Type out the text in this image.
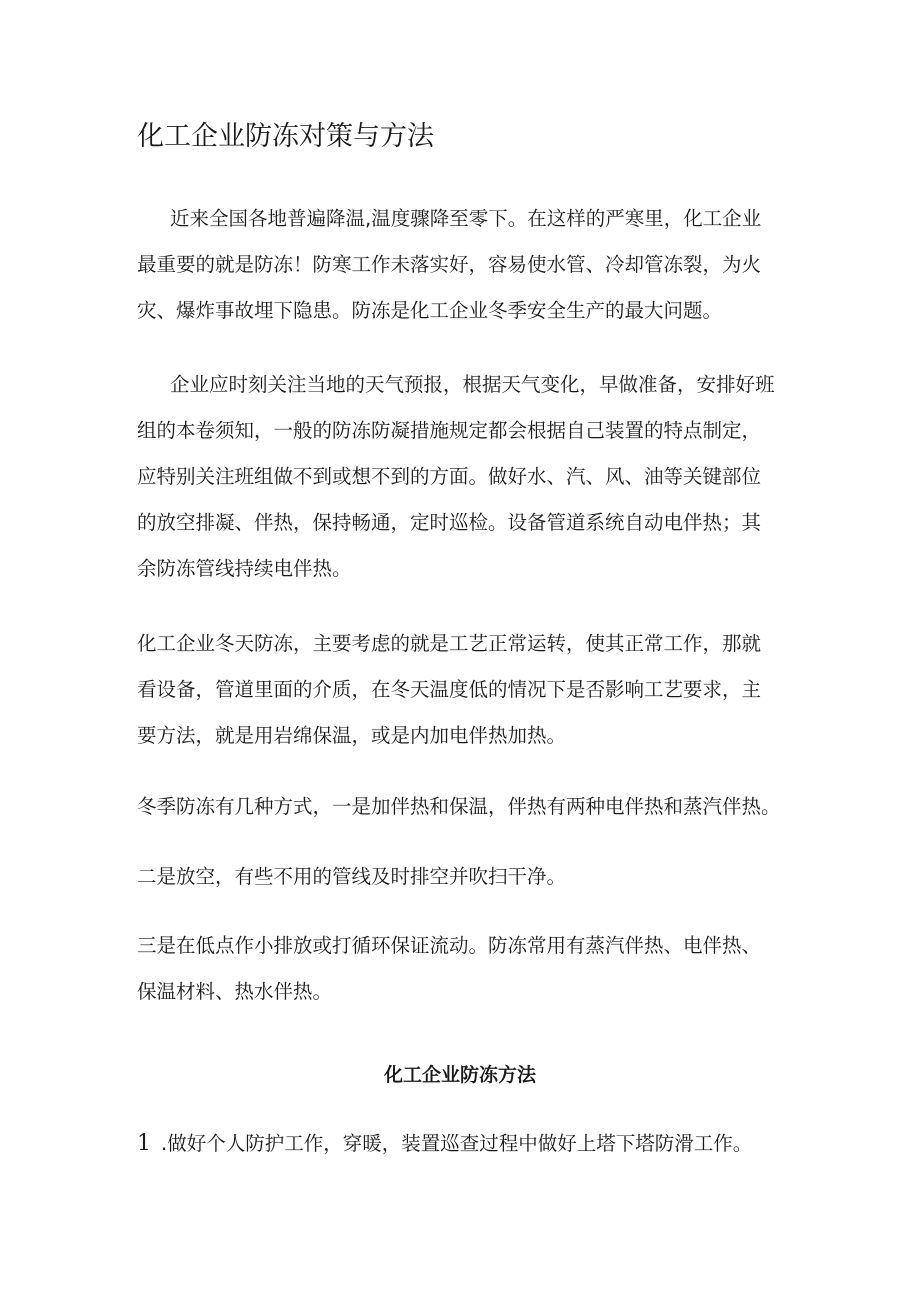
化工企业防冻对策与方法
近来全国各地普遍降温,温度骤降至零下。在这样的严寒里，化工企业
最重要的就是防冻！防寒工作未落实好，容易使水管、冷却管冻裂，为火
灾、爆炸事故埋下隐患。防冻是化工企业冬季安全生产的最大问题。
企业应时刻关注当地的天气预报，根据天气变化，早做准备，安排好班
组的本卷须知，一般的防冻防凝措施规定都会根据自己装置的特点制定，
应特别关注班组做不到或想不到的方面。做好水、汽、风、油等关键部位
的放空排凝、伴热，保持畅通，定时巡检。设备管道系统自动电伴热；其
余防冻管线持续电伴热。
化工企业冬天防冻，主要考虑的就是工艺正常运转，使其正常工作，那就
看设备，管道里面的介质，在冬天温度低的情况下是否影响工艺要求，主
要方法，就是用岩绵保温，或是内加电伴热加热。
冬季防冻有几种方式，一是加伴热和保温，伴热有两种电伴热和蒸汽伴热。
二是放空，有些不用的管线及时排空并吹扫干净。
三是在低点作小排放或打循环保证流动。防冻常用有蒸汽伴热、电伴热、
保温材料、热水伴热。
化工企业防冻方法

1 .做好个人防护工作，穿暖，装置巡查过程中做好上塔下塔防滑工作。
